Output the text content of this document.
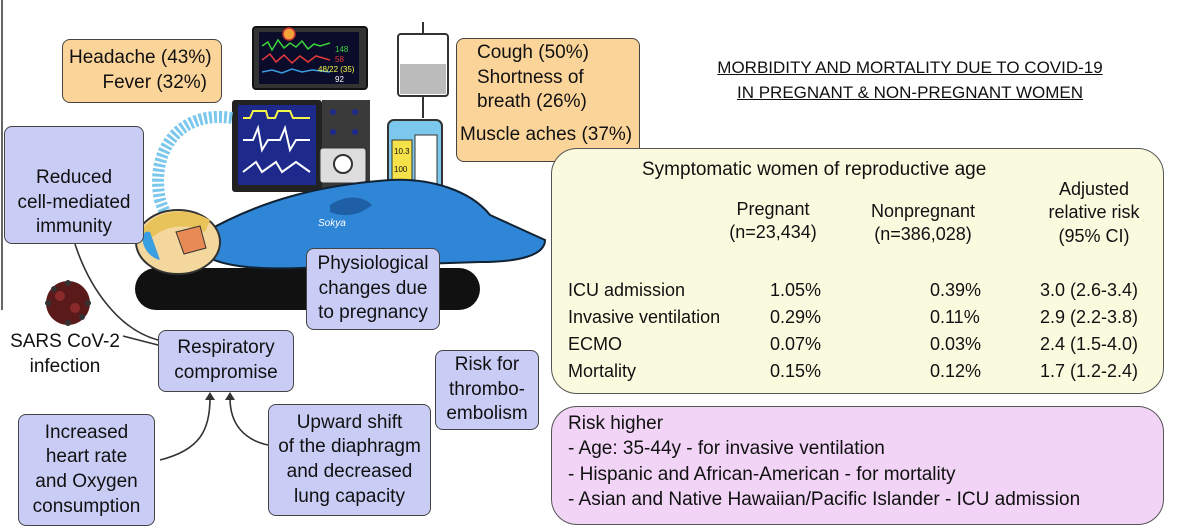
148
58
48/22 (35)
92
10.3
100
Sokya
MORBIDITY AND MORTALITY DUE TO COVID-19
IN PREGNANT & NON-PREGNANT WOMEN
Headache (43%)
Fever (32%)
Cough (50%)
Shortness of
breath (26%)
Muscle aches (37%)
Reduced
cell-mediated
immunity
SARS CoV-2
infection
Respiratory
compromise
Physiological
changes due
to pregnancy
Risk for
thrombo-
embolism
Increased
heart rate
and Oxygen
consumption
Upward shift
of the diaphragm
and decreased
lung capacity
Symptomatic women of reproductive age
Pregnant
(n=23,434)
Nonpregnant
(n=386,028)
Adjusted
relative risk
(95% CI)
ICU admission	1.05%	0.39%	3.0 (2.6-3.4)
Invasive ventilation	0.29%	0.11%	2.9 (2.2-3.8)
ECMO	0.07%	0.03%	2.4 (1.5-4.0)
Mortality	0.15%	0.12%	1.7 (1.2-2.4)
Risk higher
- Age: 35-44y - for invasive ventilation
- Hispanic and African-American - for mortality
- Asian and Native Hawaiian/Pacific Islander - ICU admission
